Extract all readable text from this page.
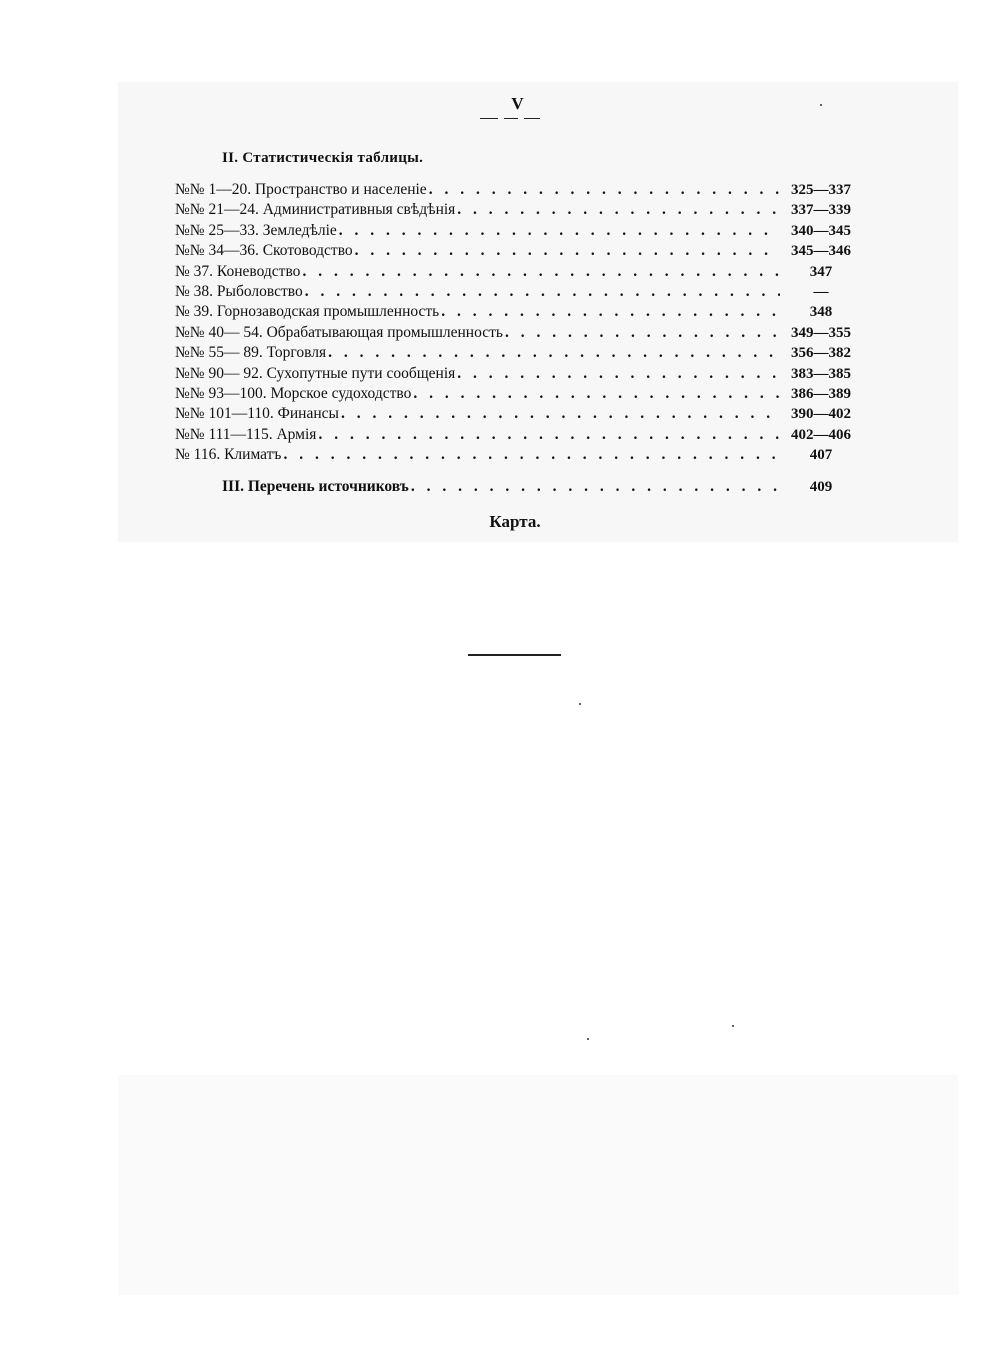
V
II. Статистическія таблицы.
№№ 1—20. Пространство и населеніе . . .	325—337
№№ 21—24. Административныя свѣдѣнія . . .	337—339
№№ 25—33. Земледѣліе . . .	340—345
№№ 34—36. Скотоводство . . .	345—346
№ 37. Коневодство . . .	347
№ 38. Рыболовство . . .	—
№ 39. Горнозаводская промышленность . . .	348
№№ 40— 54. Обрабатывающая промышленность . . .	349—355
№№ 55— 89. Торговля . . .	356—382
№№ 90— 92. Сухопутные пути сообщенія . . .	383—385
№№ 93—100. Морское судоходство . . .	386—389
№№ 101—110. Финансы . . .	390—402
№№ 111—115. Армія . . .	402—406
№ 116. Климатъ . . .	407
III. Перечень источниковъ . . .	409
Карта.
